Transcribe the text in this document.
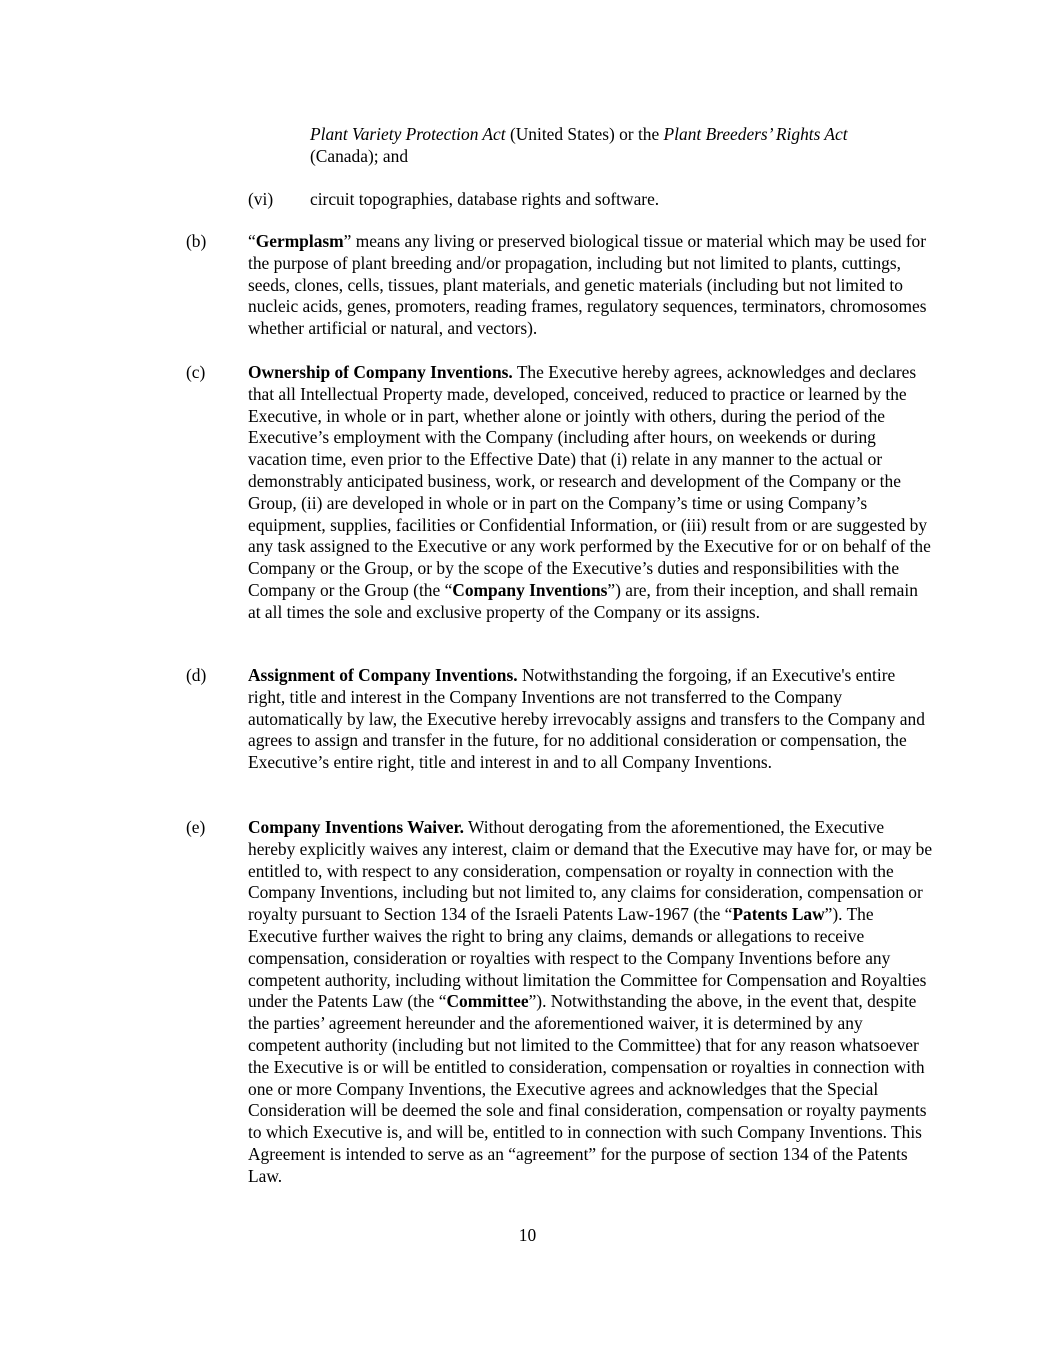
Plant Variety Protection Act (United States) or the Plant Breeders’ Rights Act
(Canada); and
(vi) circuit topographies, database rights and software.
(b) “Germplasm” means any living or preserved biological tissue or material which may be used for the purpose of plant breeding and/or propagation, including but not limited to plants, cuttings, seeds, clones, cells, tissues, plant materials, and genetic materials (including but not limited to nucleic acids, genes, promoters, reading frames, regulatory sequences, terminators, chromosomes whether artificial or natural, and vectors).
(c) Ownership of Company Inventions. The Executive hereby agrees, acknowledges and declares that all Intellectual Property made, developed, conceived, reduced to practice or learned by the Executive, in whole or in part, whether alone or jointly with others, during the period of the Executive’s employment with the Company (including after hours, on weekends or during vacation time, even prior to the Effective Date) that (i) relate in any manner to the actual or demonstrably anticipated business, work, or research and development of the Company or the Group, (ii) are developed in whole or in part on the Company’s time or using Company’s equipment, supplies, facilities or Confidential Information, or (iii) result from or are suggested by any task assigned to the Executive or any work performed by the Executive for or on behalf of the Company or the Group, or by the scope of the Executive’s duties and responsibilities with the Company or the Group (the “Company Inventions”) are, from their inception, and shall remain at all times the sole and exclusive property of the Company or its assigns.
(d) Assignment of Company Inventions. Notwithstanding the forgoing, if an Executive's entire right, title and interest in the Company Inventions are not transferred to the Company automatically by law, the Executive hereby irrevocably assigns and transfers to the Company and agrees to assign and transfer in the future, for no additional consideration or compensation, the Executive’s entire right, title and interest in and to all Company Inventions.
(e) Company Inventions Waiver. Without derogating from the aforementioned, the Executive hereby explicitly waives any interest, claim or demand that the Executive may have for, or may be entitled to, with respect to any consideration, compensation or royalty in connection with the Company Inventions, including but not limited to, any claims for consideration, compensation or royalty pursuant to Section 134 of the Israeli Patents Law-1967 (the “Patents Law”). The Executive further waives the right to bring any claims, demands or allegations to receive compensation, consideration or royalties with respect to the Company Inventions before any competent authority, including without limitation the Committee for Compensation and Royalties under the Patents Law (the “Committee”). Notwithstanding the above, in the event that, despite the parties’ agreement hereunder and the aforementioned waiver, it is determined by any competent authority (including but not limited to the Committee) that for any reason whatsoever the Executive is or will be entitled to consideration, compensation or royalties in connection with one or more Company Inventions, the Executive agrees and acknowledges that the Special Consideration will be deemed the sole and final consideration, compensation or royalty payments to which Executive is, and will be, entitled to in connection with such Company Inventions. This Agreement is intended to serve as an “agreement” for the purpose of section 134 of the Patents Law.
10
